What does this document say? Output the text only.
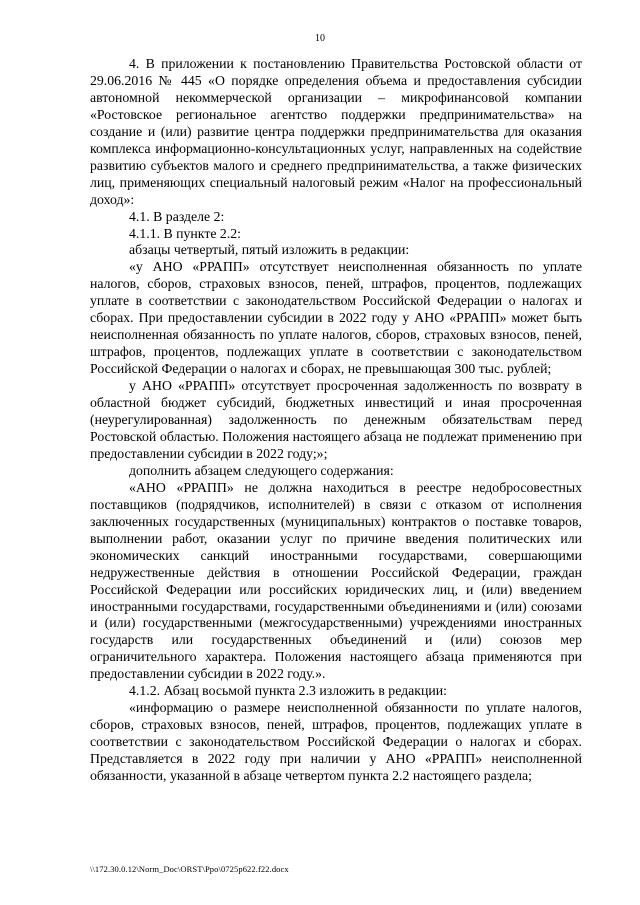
10

4. В приложении к постановлению Правительства Ростовской области от 29.06.2016 № 445 «О порядке определения объема и предоставления субсидии автономной некоммерческой организации – микрофинансовой компании «Ростовское региональное агентство поддержки предпринимательства» на создание и (или) развитие центра поддержки предпринимательства для оказания комплекса информационно-консультационных услуг, направленных на содействие развитию субъектов малого и среднего предпринимательства, а также физических лиц, применяющих специальный налоговый режим «Налог на профессиональный доход»:

4.1. В разделе 2:

4.1.1. В пункте 2.2:

абзацы четвертый, пятый изложить в редакции:

«у АНО «РРАПП» отсутствует неисполненная обязанность по уплате налогов, сборов, страховых взносов, пеней, штрафов, процентов, подлежащих уплате в соответствии с законодательством Российской Федерации о налогах и сборах. При предоставлении субсидии в 2022 году у АНО «РРАПП» может быть неисполненная обязанность по уплате налогов, сборов, страховых взносов, пеней, штрафов, процентов, подлежащих уплате в соответствии с законодательством Российской Федерации о налогах и сборах, не превышающая 300 тыс. рублей;

у АНО «РРАПП» отсутствует просроченная задолженность по возврату в областной бюджет субсидий, бюджетных инвестиций и иная просроченная (неурегулированная) задолженность по денежным обязательствам перед Ростовской областью. Положения настоящего абзаца не подлежат применению при предоставлении субсидии в 2022 году;»;

дополнить абзацем следующего содержания:

«АНО «РРАПП» не должна находиться в реестре недобросовестных поставщиков (подрядчиков, исполнителей) в связи с отказом от исполнения заключенных государственных (муниципальных) контрактов о поставке товаров, выполнении работ, оказании услуг по причине введения политических или экономических санкций иностранными государствами, совершающими недружественные действия в отношении Российской Федерации, граждан Российской Федерации или российских юридических лиц, и (или) введением иностранными государствами, государственными объединениями и (или) союзами и (или) государственными (межгосударственными) учреждениями иностранных государств или государственных объединений и (или) союзов мер ограничительного характера. Положения настоящего абзаца применяются при предоставлении субсидии в 2022 году.».

4.1.2. Абзац восьмой пункта 2.3 изложить в редакции:

«информацию о размере неисполненной обязанности по уплате налогов, сборов, страховых взносов, пеней, штрафов, процентов, подлежащих уплате в соответствии с законодательством Российской Федерации о налогах и сборах. Представляется в 2022 году при наличии у АНО «РРАПП» неисполненной обязанности, указанной в абзаце четвертом пункта 2.2 настоящего раздела;

\\172.30.0.12\Norm_Doc\ORST\Ppo\0725p622.f22.docx
